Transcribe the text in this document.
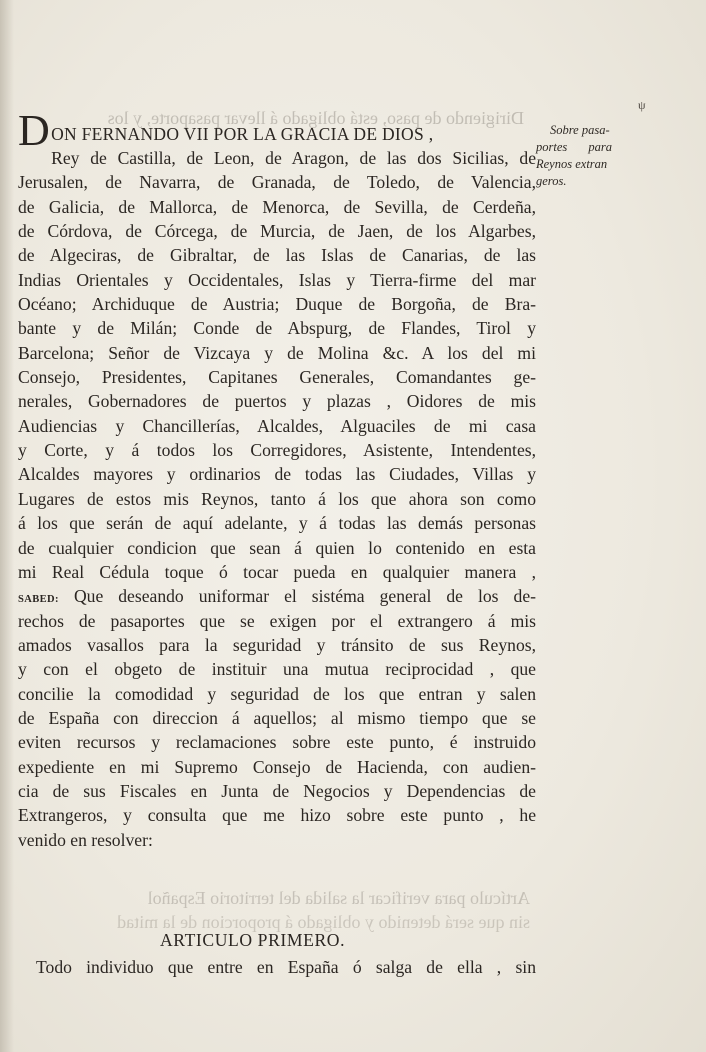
ψ
Dirigiendo de paso, está obligado á llevar pasaporte, y los
Artículo para verificar la salida del territorio Español
sin que será detenido y obligado á proporcion de la mitad
D ON FERNANDO VII POR LA GRACIA DE DIOS ,
Rey de Castilla, de Leon, de Aragon, de las dos Sicilias, de
Jerusalen, de Navarra, de Granada, de Toledo, de Valencia,
de Galicia, de Mallorca, de Menorca, de Sevilla, de Cerdeña,
de Córdova, de Córcega, de Murcia, de Jaen, de los Algarbes,
de Algeciras, de Gibraltar, de las Islas de Canarias, de las
Indias Orientales y Occidentales, Islas y Tierra-firme del mar
Océano; Archiduque de Austria; Duque de Borgoña, de Bra-
bante y de Milán; Conde de Abspurg, de Flandes, Tirol y
Barcelona; Señor de Vizcaya y de Molina &c. A los del mi
Consejo, Presidentes, Capitanes Generales, Comandantes ge-
nerales, Gobernadores de puertos y plazas , Oidores de mis
Audiencias y Chancillerías, Alcaldes, Alguaciles de mi casa
y Corte, y á todos los Corregidores, Asistente, Intendentes,
Alcaldes mayores y ordinarios de todas las Ciudades, Villas y
Lugares de estos mis Reynos, tanto á los que ahora son como
á los que serán de aquí adelante, y á todas las demás personas
de cualquier condicion que sean á quien lo contenido en esta
mi Real Cédula toque ó tocar pueda en qualquier manera ,
SABED: Que deseando uniformar el sistéma general de los de-
rechos de pasaportes que se exigen por el extrangero á mis
amados vasallos para la seguridad y tránsito de sus Reynos,
y con el obgeto de instituir una mutua reciprocidad , que
concilie la comodidad y seguridad de los que entran y salen
de España con direccion á aquellos; al mismo tiempo que se
eviten recursos y reclamaciones sobre este punto, é instruido
expediente en mi Supremo Consejo de Hacienda, con audien-
cia de sus Fiscales en Junta de Negocios y Dependencias de
Extrangeros, y consulta que me hizo sobre este punto , he
venido en resolver:
Sobre pasa-
portes para
Reynos extran
geros.
ARTICULO PRIMERO.
Todo individuo que entre en España ó salga de ella , sin
